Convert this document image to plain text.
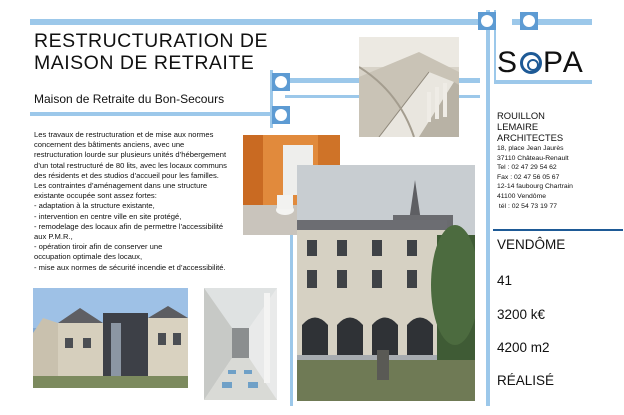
RESTRUCTURATION DE
MAISON DE RETRAITE
Maison de Retraite du Bon-Secours
Les travaux de restructuration et de mise aux normes
concernent des bâtiments anciens, avec une
restructuration lourde sur plusieurs unités d’hébergement
d’un total restructuré de 80 lits, avec les locaux communs
des résidents et des studios d’accueil pour les familles.
Les contraintes d’aménagement dans une structure
existante occupée sont assez fortes:
- adaptation à la structure existante,
- intervention en centre ville en site protégé,
- remodelage des locaux afin de permettre l’accessibilité
aux P.M.R.,
- opération tiroir afin de conserver une
occupation optimale des locaux,
- mise aux normes de sécurité incendie et d’accessibilité.
S PA
ROUILLON
LEMAIRE
ARCHITECTES
18, place Jean Jaurès
37110 Château-Renault
Tel : 02 47 29 54 62
Fax : 02 47 56 05 67
12-14 faubourg Chartrain
41100 Vendôme
tél : 02 54 73 19 77
VENDÔME
41
3200 k€
4200 m2
RÉALISÉ
